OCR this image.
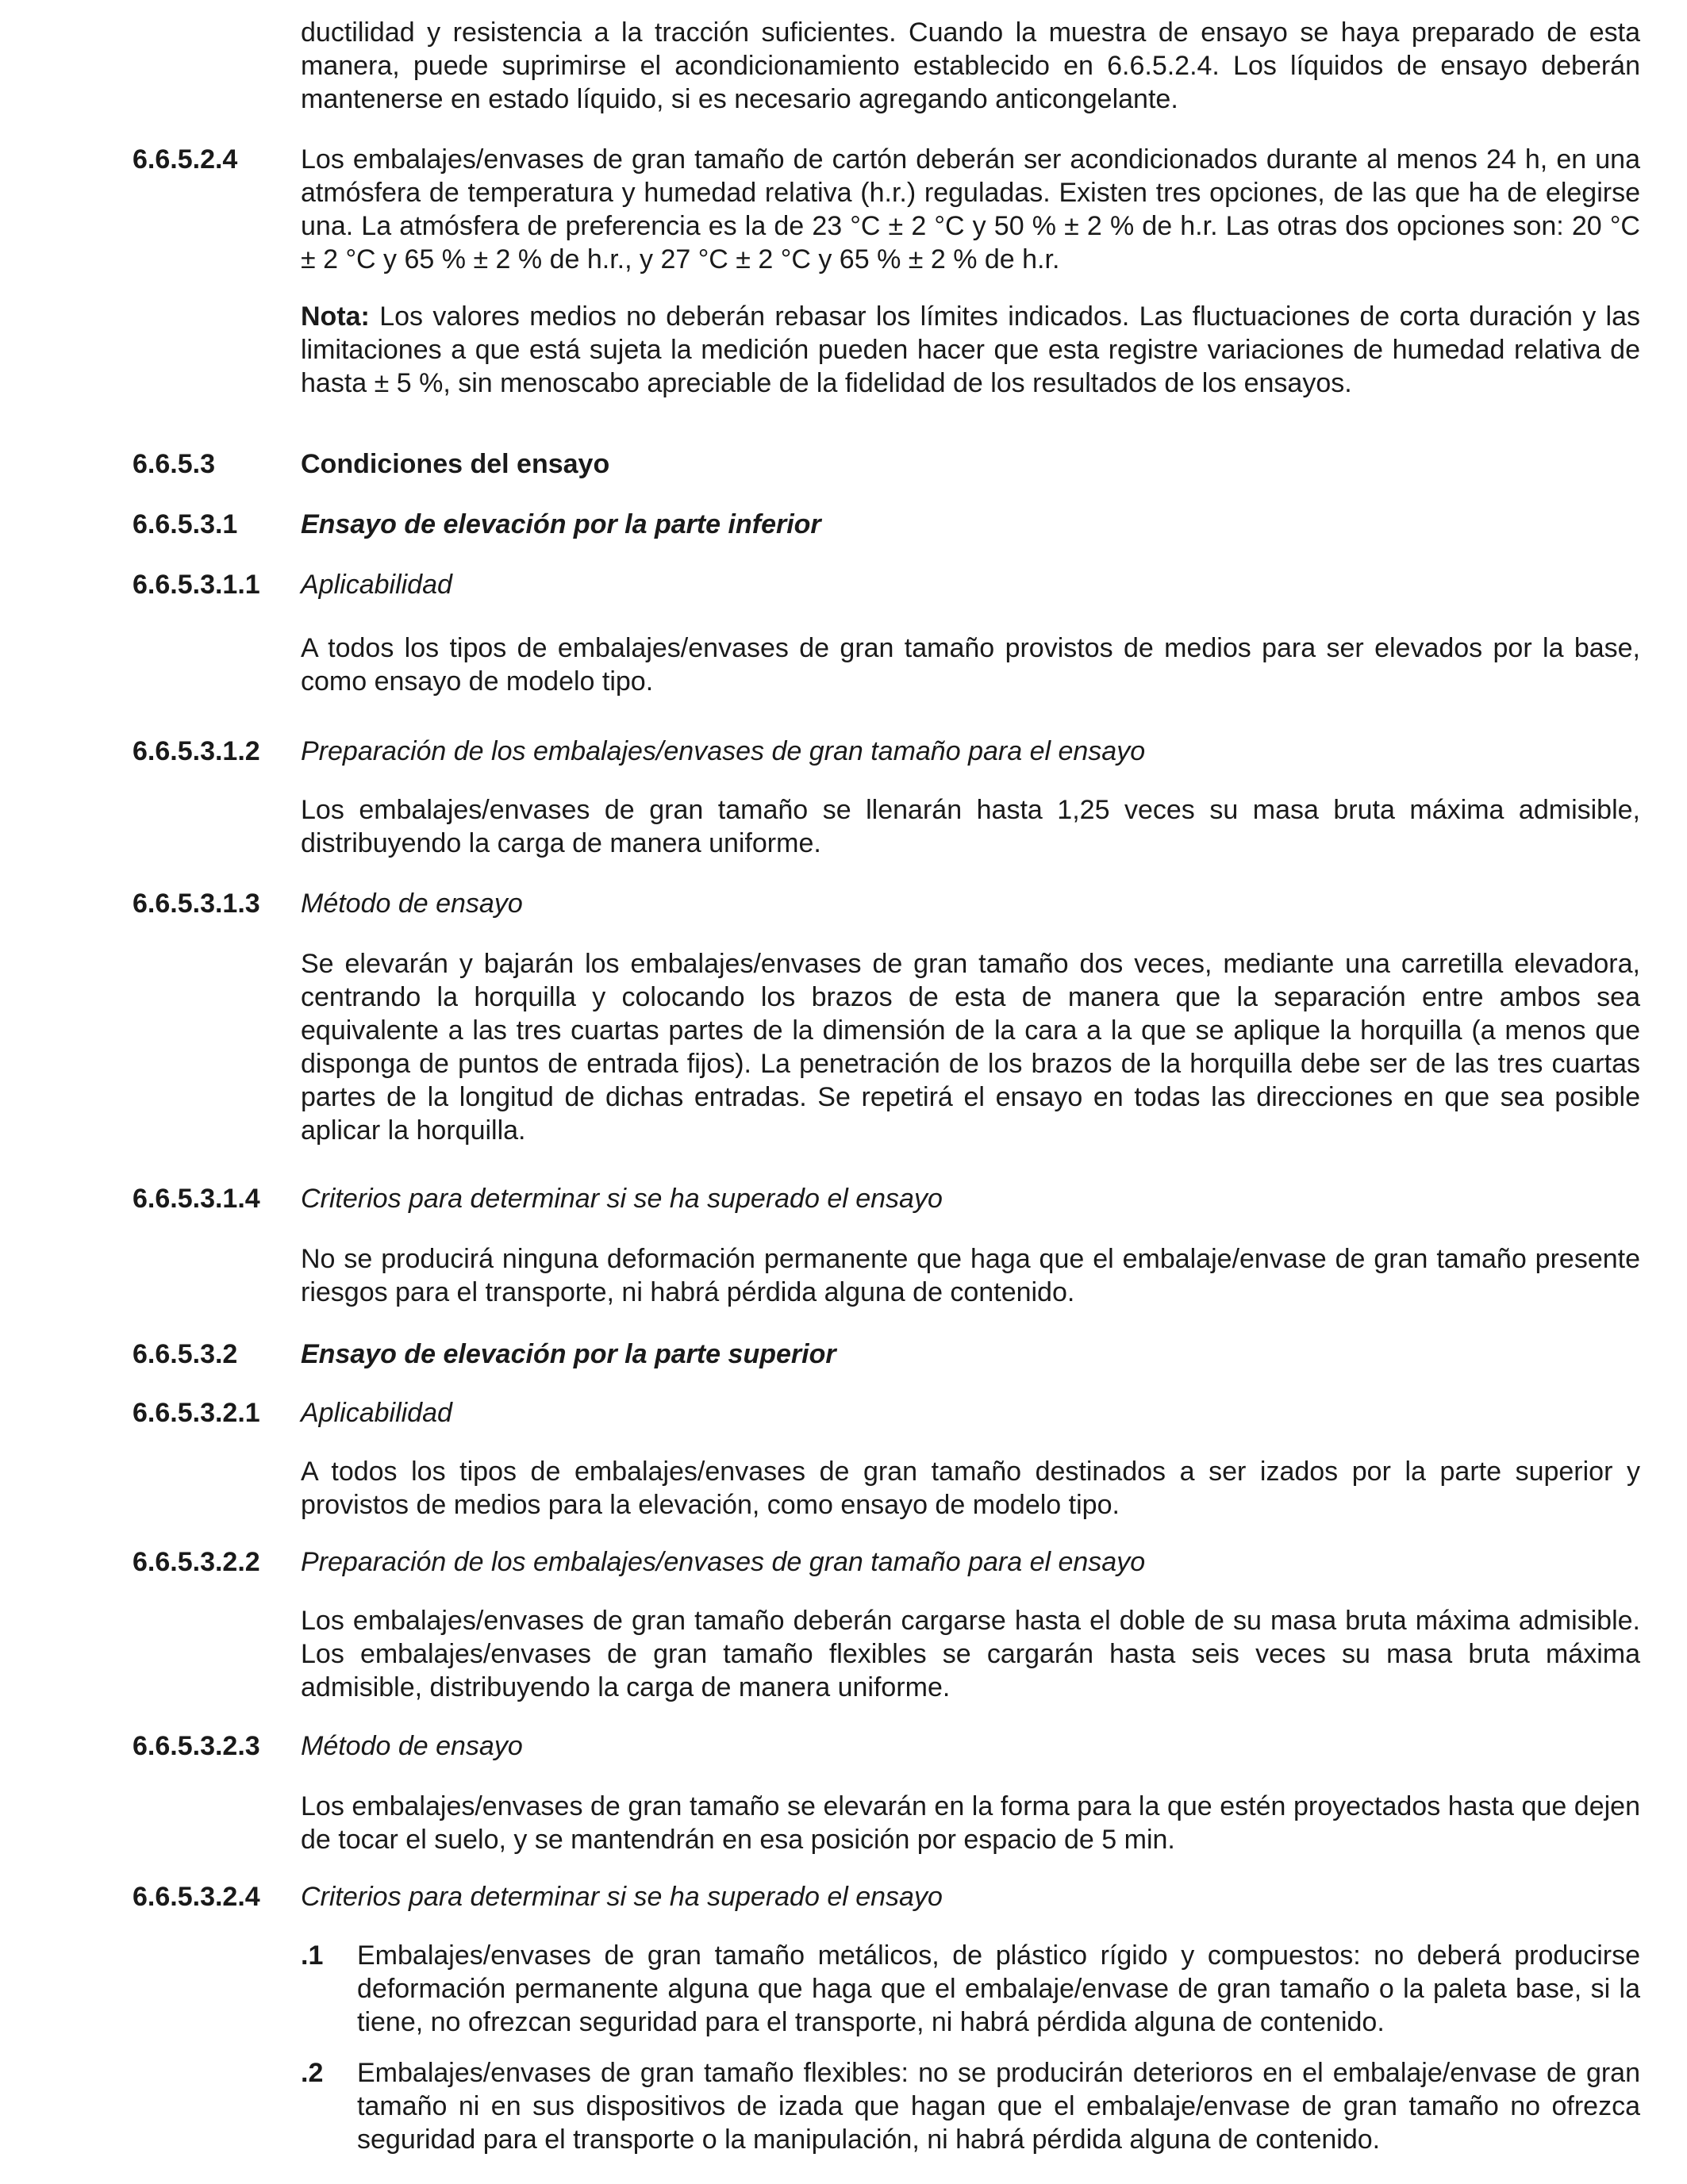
ductilidad y resistencia a la tracción suficientes. Cuando la muestra de ensayo se haya preparado de esta manera, puede suprimirse el acondicionamiento establecido en 6.6.5.2.4. Los líquidos de ensayo deberán mantenerse en estado líquido, si es necesario agregando anticongelante.
6.6.5.2.4	Los embalajes/envases de gran tamaño de cartón deberán ser acondicionados durante al menos 24 h, en una atmósfera de temperatura y humedad relativa (h.r.) reguladas. Existen tres opciones, de las que ha de elegirse una. La atmósfera de preferencia es la de 23 °C ± 2 °C y 50 % ± 2 % de h.r. Las otras dos opciones son: 20 °C ± 2 °C y 65 % ± 2 % de h.r., y 27 °C ± 2 °C y 65 % ± 2 % de h.r.
Nota: Los valores medios no deberán rebasar los límites indicados. Las fluctuaciones de corta duración y las limitaciones a que está sujeta la medición pueden hacer que esta registre variaciones de humedad relativa de hasta ± 5 %, sin menoscabo apreciable de la fidelidad de los resultados de los ensayos.
6.6.5.3	Condiciones del ensayo
6.6.5.3.1	Ensayo de elevación por la parte inferior
6.6.5.3.1.1	Aplicabilidad
A todos los tipos de embalajes/envases de gran tamaño provistos de medios para ser elevados por la base, como ensayo de modelo tipo.
6.6.5.3.1.2	Preparación de los embalajes/envases de gran tamaño para el ensayo
Los embalajes/envases de gran tamaño se llenarán hasta 1,25 veces su masa bruta máxima admisible, distribuyendo la carga de manera uniforme.
6.6.5.3.1.3	Método de ensayo
Se elevarán y bajarán los embalajes/envases de gran tamaño dos veces, mediante una carretilla elevadora, centrando la horquilla y colocando los brazos de esta de manera que la separación entre ambos sea equivalente a las tres cuartas partes de la dimensión de la cara a la que se aplique la horquilla (a menos que disponga de puntos de entrada fijos). La penetración de los brazos de la horquilla debe ser de las tres cuartas partes de la longitud de dichas entradas. Se repetirá el ensayo en todas las direcciones en que sea posible aplicar la horquilla.
6.6.5.3.1.4	Criterios para determinar si se ha superado el ensayo
No se producirá ninguna deformación permanente que haga que el embalaje/envase de gran tamaño presente riesgos para el transporte, ni habrá pérdida alguna de contenido.
6.6.5.3.2	Ensayo de elevación por la parte superior
6.6.5.3.2.1	Aplicabilidad
A todos los tipos de embalajes/envases de gran tamaño destinados a ser izados por la parte superior y provistos de medios para la elevación, como ensayo de modelo tipo.
6.6.5.3.2.2	Preparación de los embalajes/envases de gran tamaño para el ensayo
Los embalajes/envases de gran tamaño deberán cargarse hasta el doble de su masa bruta máxima admisible. Los embalajes/envases de gran tamaño flexibles se cargarán hasta seis veces su masa bruta máxima admisible, distribuyendo la carga de manera uniforme.
6.6.5.3.2.3	Método de ensayo
Los embalajes/envases de gran tamaño se elevarán en la forma para la que estén proyectados hasta que dejen de tocar el suelo, y se mantendrán en esa posición por espacio de 5 min.
6.6.5.3.2.4	Criterios para determinar si se ha superado el ensayo
.1	Embalajes/envases de gran tamaño metálicos, de plástico rígido y compuestos: no deberá producirse deformación permanente alguna que haga que el embalaje/envase de gran tamaño o la paleta base, si la tiene, no ofrezcan seguridad para el transporte, ni habrá pérdida alguna de contenido.
.2	Embalajes/envases de gran tamaño flexibles: no se producirán deterioros en el embalaje/envase de gran tamaño ni en sus dispositivos de izada que hagan que el embalaje/envase de gran tamaño no ofrezca seguridad para el transporte o la manipulación, ni habrá pérdida alguna de contenido.
